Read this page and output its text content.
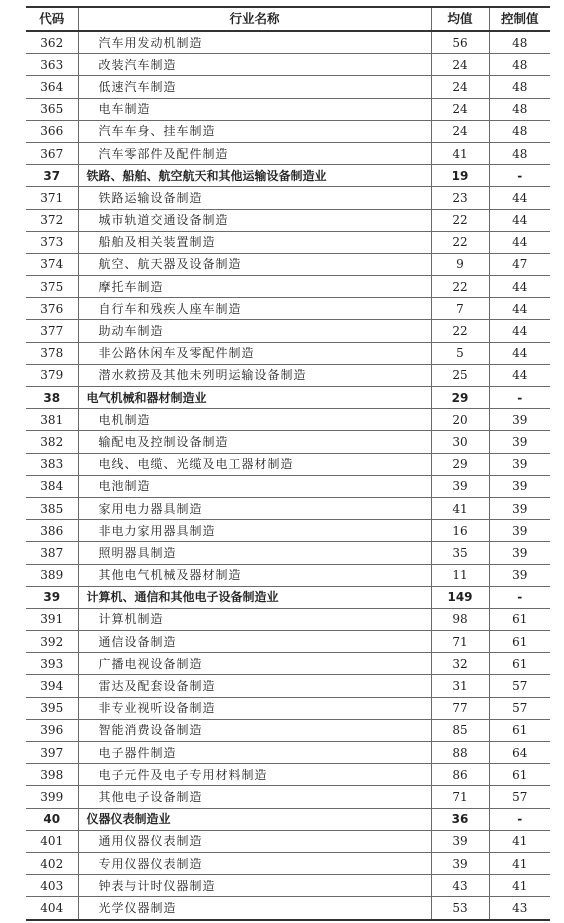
代码	行业名称	均值	控制值
362	汽车用发动机制造	56	48
363	改装汽车制造	24	48
364	低速汽车制造	24	48
365	电车制造	24	48
366	汽车车身、挂车制造	24	48
367	汽车零部件及配件制造	41	48
37	铁路、船舶、航空航天和其他运输设备制造业	19	-
371	铁路运输设备制造	23	44
372	城市轨道交通设备制造	22	44
373	船舶及相关装置制造	22	44
374	航空、航天器及设备制造	9	47
375	摩托车制造	22	44
376	自行车和残疾人座车制造	7	44
377	助动车制造	22	44
378	非公路休闲车及零配件制造	5	44
379	潜水救捞及其他未列明运输设备制造	25	44
38	电气机械和器材制造业	29	-
381	电机制造	20	39
382	输配电及控制设备制造	30	39
383	电线、电缆、光缆及电工器材制造	29	39
384	电池制造	39	39
385	家用电力器具制造	41	39
386	非电力家用器具制造	16	39
387	照明器具制造	35	39
389	其他电气机械及器材制造	11	39
39	计算机、通信和其他电子设备制造业	149	-
391	计算机制造	98	61
392	通信设备制造	71	61
393	广播电视设备制造	32	61
394	雷达及配套设备制造	31	57
395	非专业视听设备制造	77	57
396	智能消费设备制造	85	61
397	电子器件制造	88	64
398	电子元件及电子专用材料制造	86	61
399	其他电子设备制造	71	57
40	仪器仪表制造业	36	-
401	通用仪器仪表制造	39	41
402	专用仪器仪表制造	39	41
403	钟表与计时仪器制造	43	41
404	光学仪器制造	53	43
